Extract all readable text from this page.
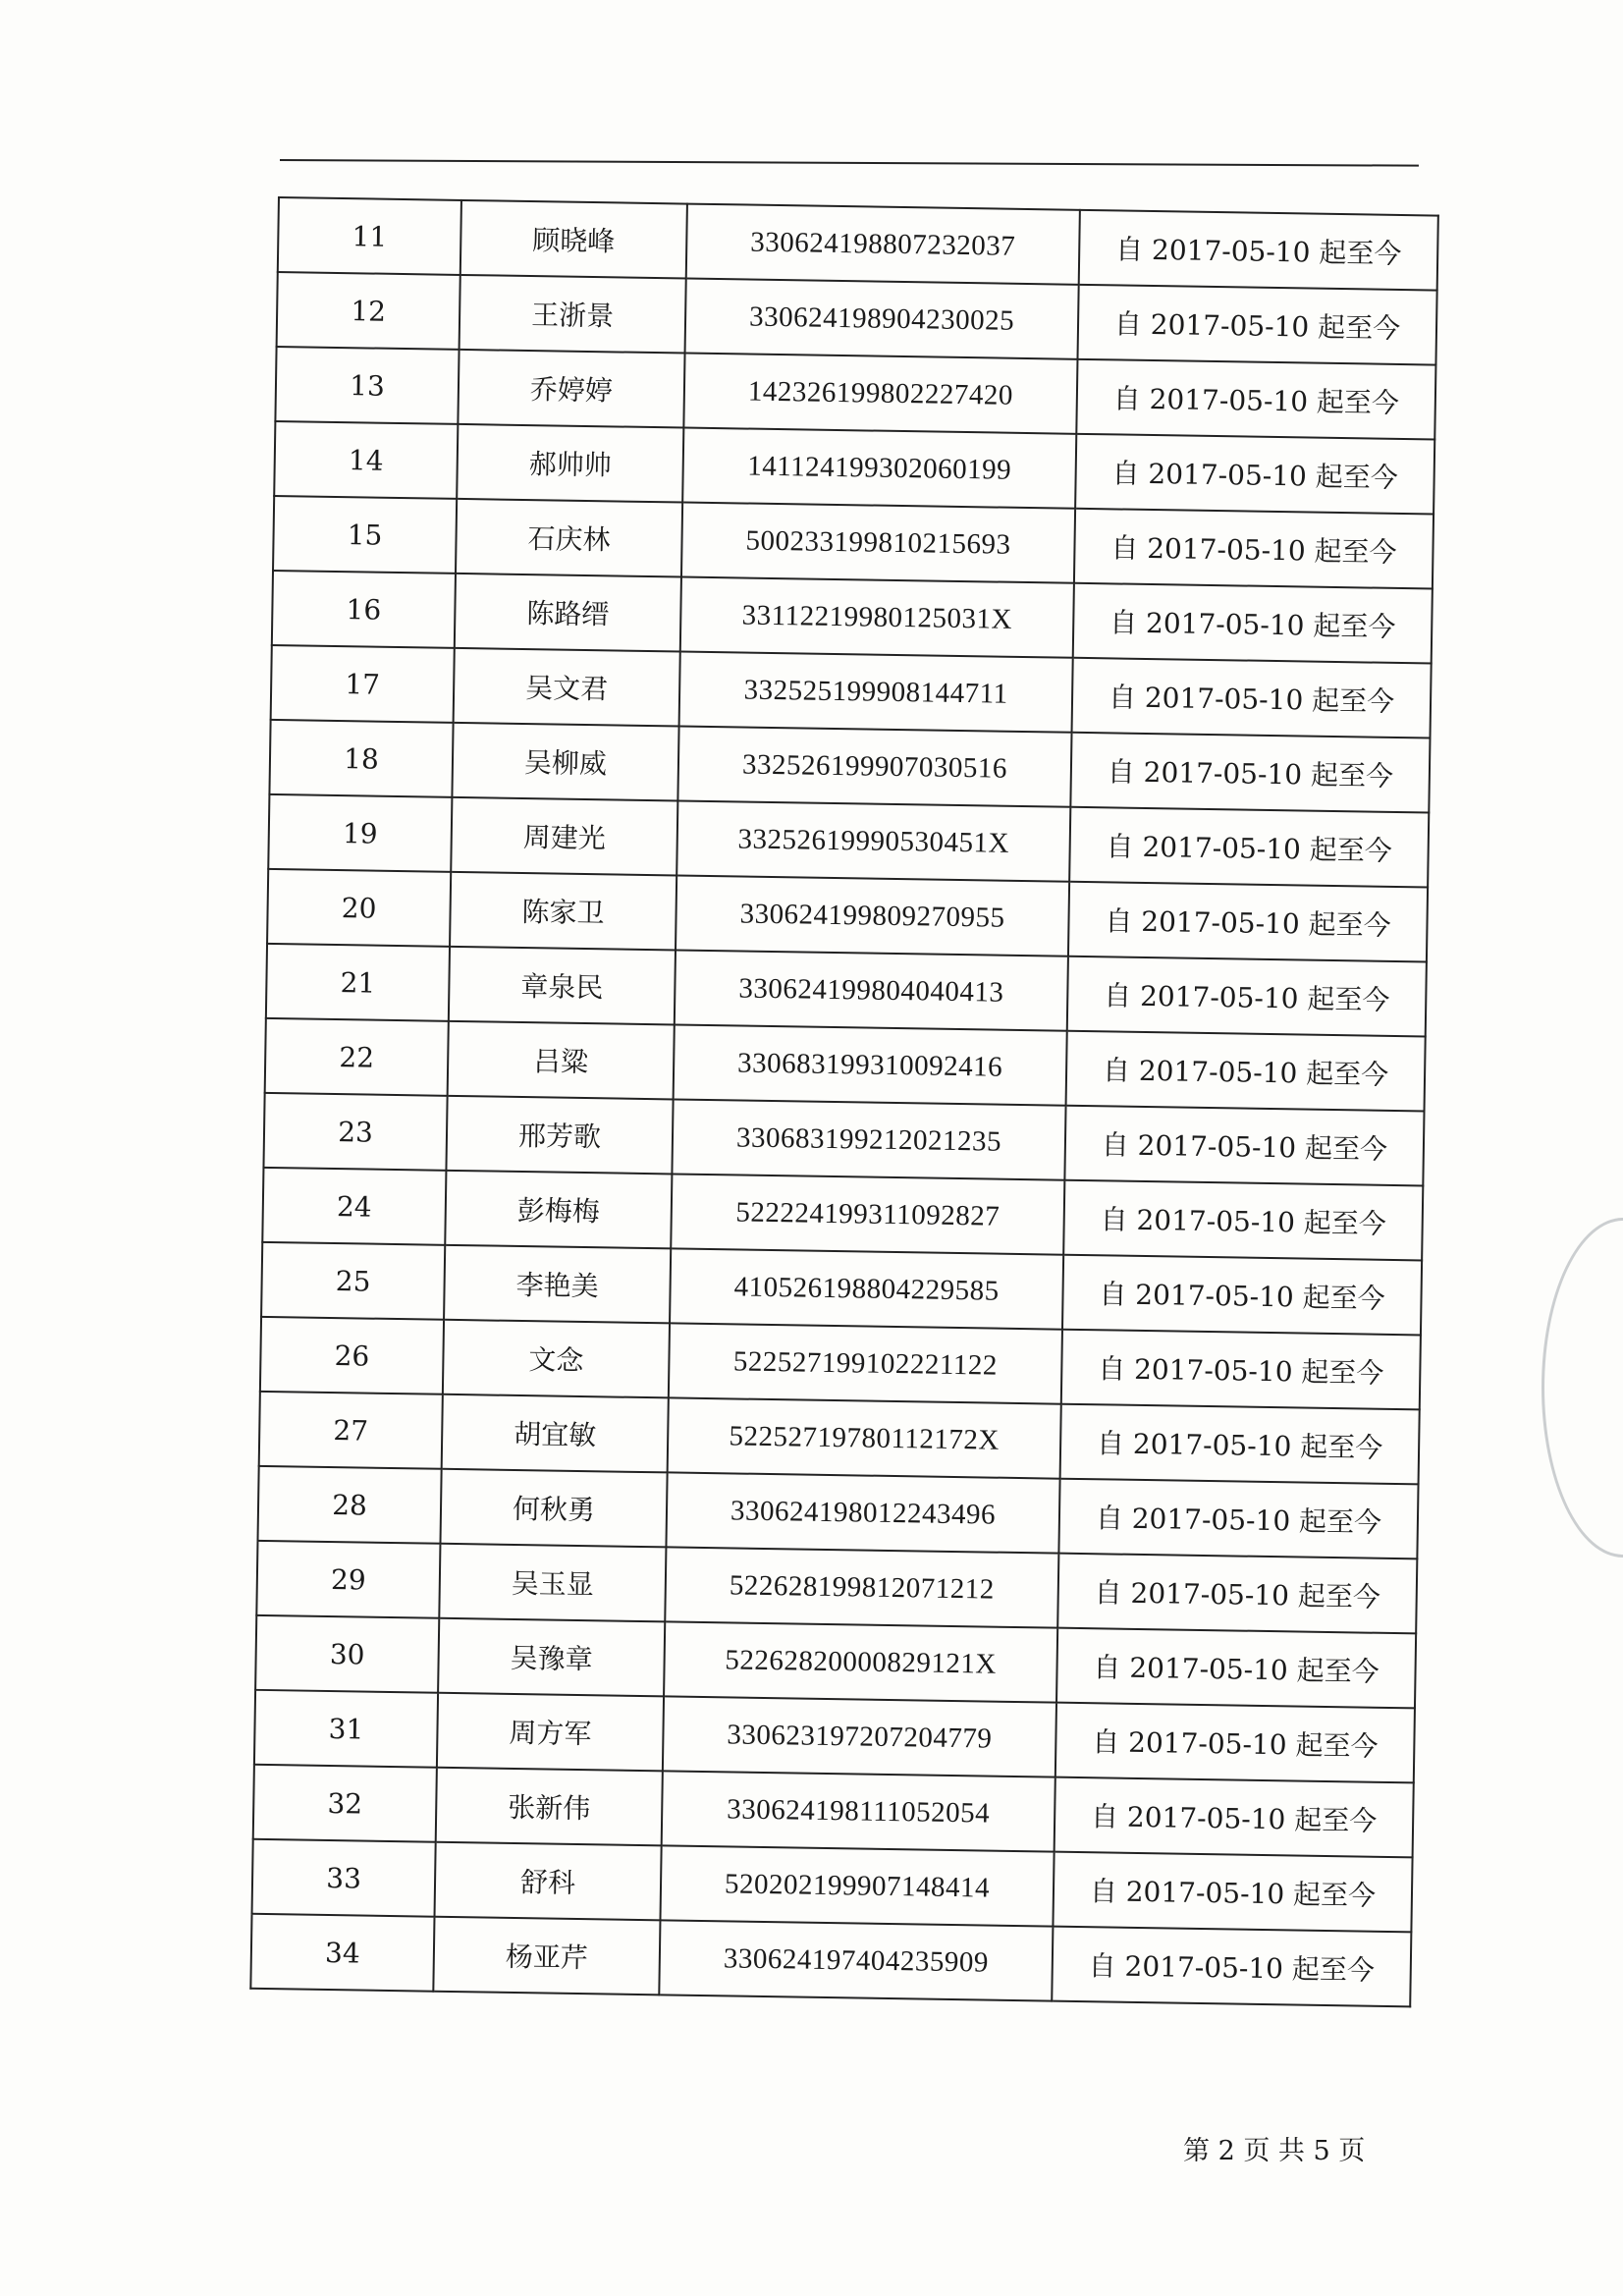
11	顾晓峰	330624198807232037	自 2017-05-10 起至今
12	王浙景	330624198904230025	自 2017-05-10 起至今
13	乔婷婷	142326199802227420	自 2017-05-10 起至今
14	郝帅帅	141124199302060199	自 2017-05-10 起至今
15	石庆林	500233199810215693	自 2017-05-10 起至今
16	陈路缙	33112219980125031X	自 2017-05-10 起至今
17	吴文君	332525199908144711	自 2017-05-10 起至今
18	吴柳威	332526199907030516	自 2017-05-10 起至今
19	周建光	33252619990530451X	自 2017-05-10 起至今
20	陈家卫	330624199809270955	自 2017-05-10 起至今
21	章泉民	330624199804040413	自 2017-05-10 起至今
22	吕粱	330683199310092416	自 2017-05-10 起至今
23	邢芳歌	330683199212021235	自 2017-05-10 起至今
24	彭梅梅	522224199311092827	自 2017-05-10 起至今
25	李艳美	410526198804229585	自 2017-05-10 起至今
26	文念	522527199102221122	自 2017-05-10 起至今
27	胡宜敏	52252719780112172X	自 2017-05-10 起至今
28	何秋勇	330624198012243496	自 2017-05-10 起至今
29	吴玉显	522628199812071212	自 2017-05-10 起至今
30	吴豫章	52262820000829121X	自 2017-05-10 起至今
31	周方军	330623197207204779	自 2017-05-10 起至今
32	张新伟	330624198111052054	自 2017-05-10 起至今
33	舒科	520202199907148414	自 2017-05-10 起至今
34	杨亚芹	330624197404235909	自 2017-05-10 起至今
第 2 页 共 5 页
